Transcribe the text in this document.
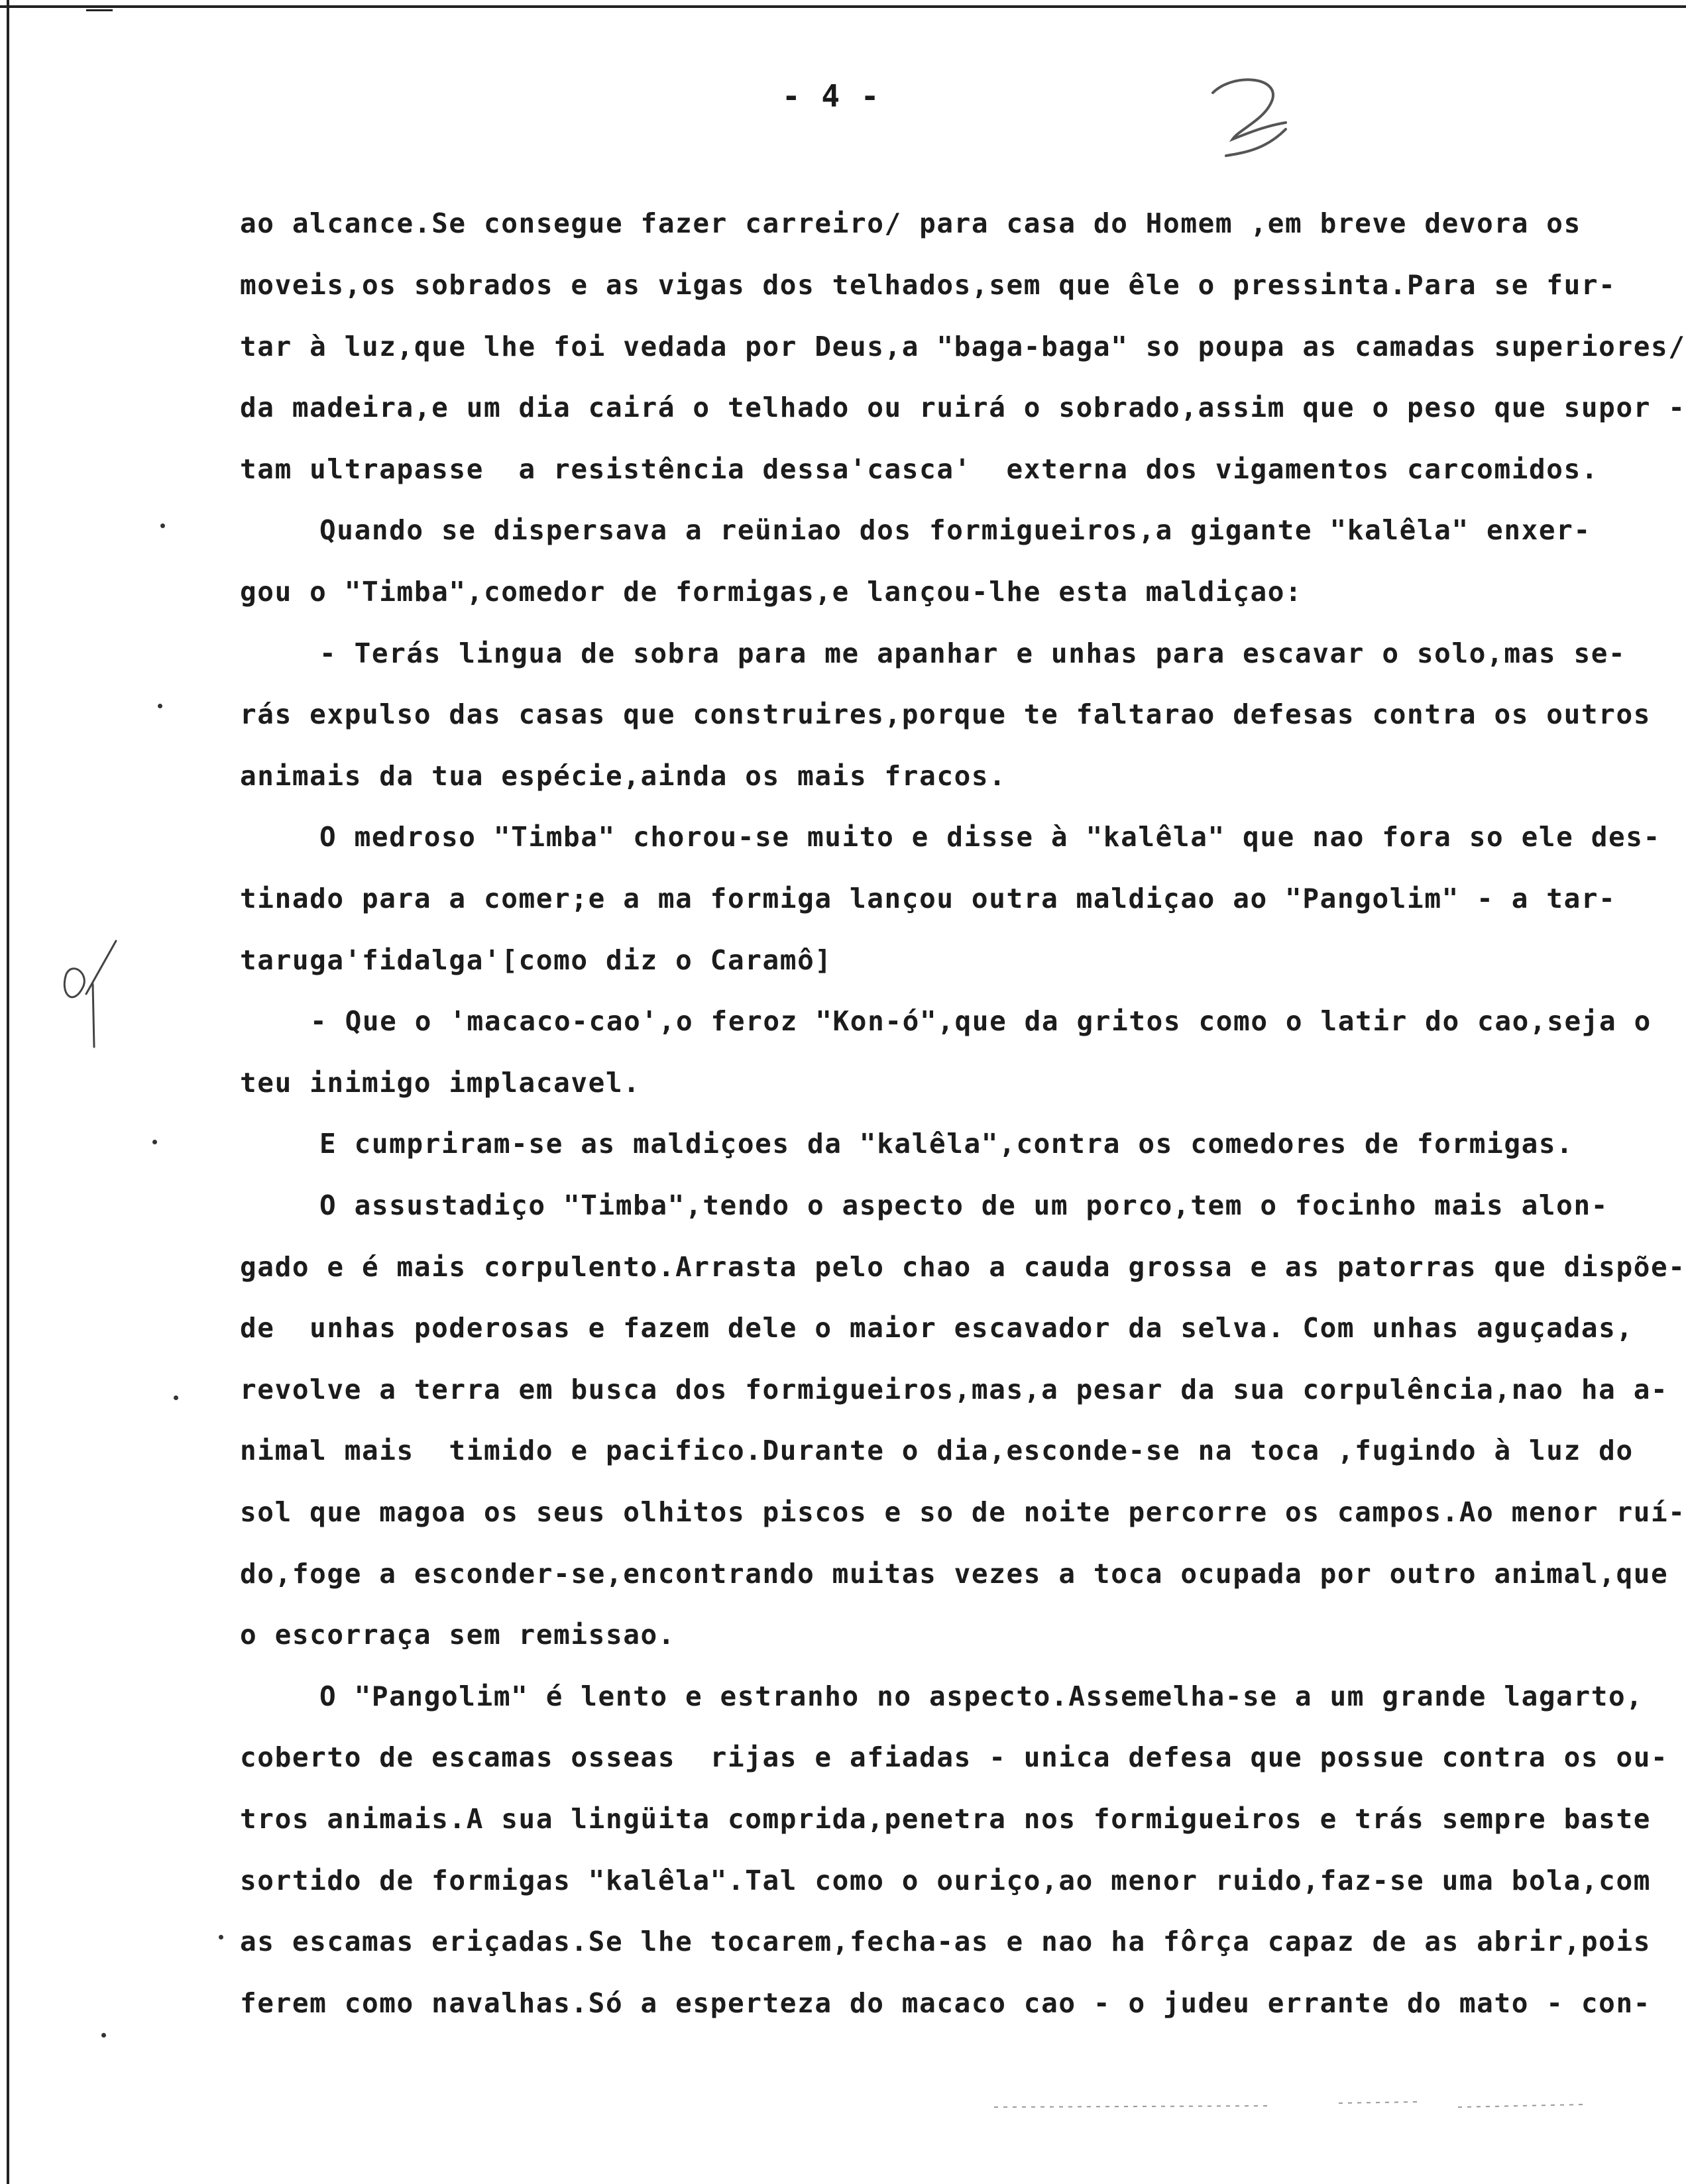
- 4 -
ao alcance.Se consegue fazer carreiro/ para casa do Homem ,em breve devora os
moveis,os sobrados e as vigas dos telhados,sem que êle o pressinta.Para se fur-
tar à luz,que lhe foi vedada por Deus,a "baga-baga" so poupa as camadas superiores/
da madeira,e um dia cairá o telhado ou ruirá o sobrado,assim que o peso que supor -
tam ultrapasse  a resistência dessa'casca'  externa dos vigamentos carcomidos.
Quando se dispersava a reüniao dos formigueiros,a gigante "kalêla" enxer-
gou o "Timba",comedor de formigas,e lançou-lhe esta maldiçao:
- Terás lingua de sobra para me apanhar e unhas para escavar o solo,mas se-
rás expulso das casas que construires,porque te faltarao defesas contra os outros
animais da tua espécie,ainda os mais fracos.
O medroso "Timba" chorou-se muito e disse à "kalêla" que nao fora so ele des-
tinado para a comer;e a ma formiga lançou outra maldiçao ao "Pangolim" - a tar-
taruga'fidalga'[como diz o Caramô]
- Que o 'macaco-cao',o feroz "Kon-ó",que da gritos como o latir do cao,seja o
teu inimigo implacavel.
E cumpriram-se as maldiçoes da "kalêla",contra os comedores de formigas.
O assustadiço "Timba",tendo o aspecto de um porco,tem o focinho mais alon-
gado e é mais corpulento.Arrasta pelo chao a cauda grossa e as patorras que dispõe-
de  unhas poderosas e fazem dele o maior escavador da selva. Com unhas aguçadas,
revolve a terra em busca dos formigueiros,mas,a pesar da sua corpulência,nao ha a-
nimal mais  timido e pacifico.Durante o dia,esconde-se na toca ,fugindo à luz do
sol que magoa os seus olhitos piscos e so de noite percorre os campos.Ao menor ruí-
do,foge a esconder-se,encontrando muitas vezes a toca ocupada por outro animal,que
o escorraça sem remissao.
O "Pangolim" é lento e estranho no aspecto.Assemelha-se a um grande lagarto,
coberto de escamas osseas  rijas e afiadas - unica defesa que possue contra os ou-
tros animais.A sua lingüita comprida,penetra nos formigueiros e trás sempre baste
sortido de formigas "kalêla".Tal como o ouriço,ao menor ruido,faz-se uma bola,com
as escamas eriçadas.Se lhe tocarem,fecha-as e nao ha fôrça capaz de as abrir,pois
ferem como navalhas.Só a esperteza do macaco cao - o judeu errante do mato - con-
